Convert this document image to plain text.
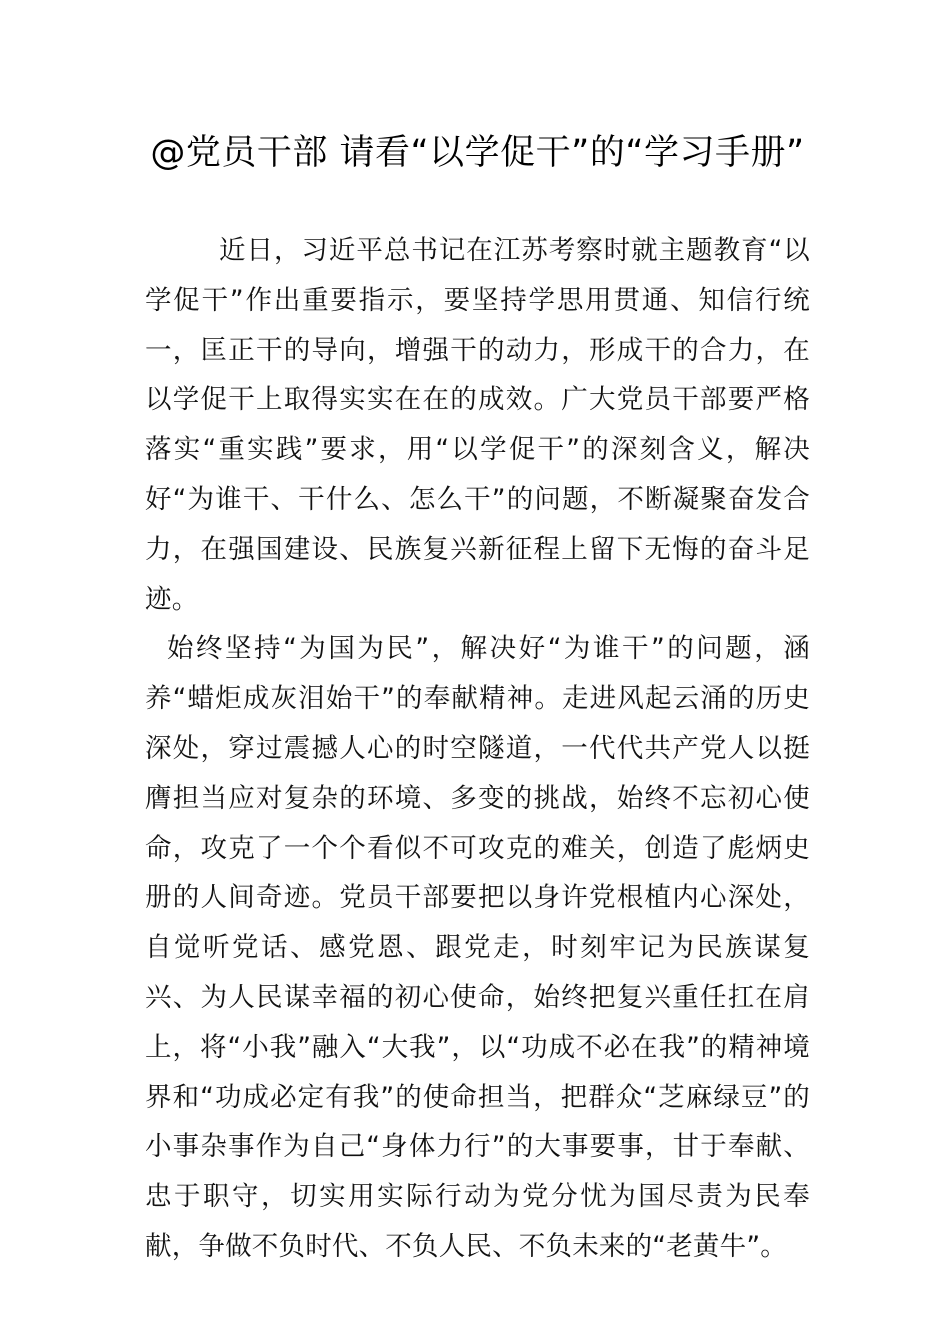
@党员干部 请看“以学促干”的“学习手册”

近日，习近平总书记在江苏考察时就主题教育“以学促干”作出重要指示，要坚持学思用贯通、知信行统一，匡正干的导向，增强干的动力，形成干的合力，在以学促干上取得实实在在的成效。广大党员干部要严格落实“重实践”要求，用“以学促干”的深刻含义，解决好“为谁干、干什么、怎么干”的问题，不断凝聚奋发合力，在强国建设、民族复兴新征程上留下无悔的奋斗足迹。

始终坚持“为国为民”，解决好“为谁干”的问题，涵养“蜡炬成灰泪始干”的奉献精神。走进风起云涌的历史深处，穿过震撼人心的时空隧道，一代代共产党人以挺膺担当应对复杂的环境、多变的挑战，始终不忘初心使命，攻克了一个个看似不可攻克的难关，创造了彪炳史册的人间奇迹。党员干部要把以身许党根植内心深处，自觉听党话、感党恩、跟党走，时刻牢记为民族谋复兴、为人民谋幸福的初心使命，始终把复兴重任扛在肩上，将“小我”融入“大我”，以“功成不必在我”的精神境界和“功成必定有我”的使命担当，把群众“芝麻绿豆”的小事杂事作为自己“身体力行”的大事要事，甘于奉献、忠于职守，切实用实际行动为党分忧为国尽责为民奉献，争做不负时代、不负人民、不负未来的“老黄牛”。
